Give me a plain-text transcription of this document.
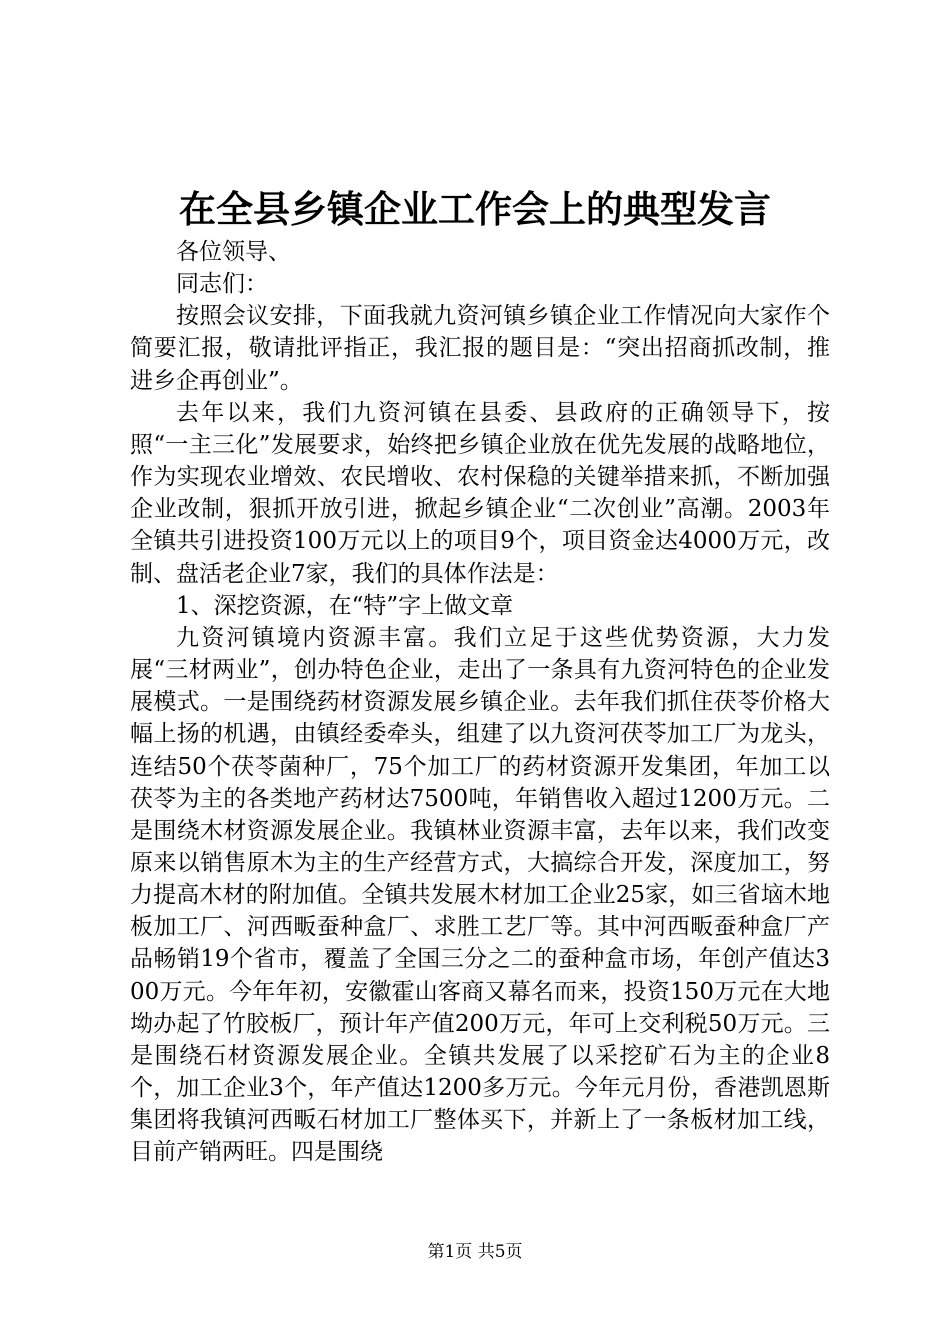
在全县乡镇企业工作会上的典型发言

各位领导、

同志们：

按照会议安排，下面我就九资河镇乡镇企业工作情况向大家作个简要汇报，敬请批评指正，我汇报的题目是：“突出招商抓改制，推进乡企再创业”。

去年以来，我们九资河镇在县委、县政府的正确领导下，按照“一主三化”发展要求，始终把乡镇企业放在优先发展的战略地位，作为实现农业增效、农民增收、农村保稳的关键举措来抓，不断加强企业改制，狠抓开放引进，掀起乡镇企业“二次创业”高潮。2003年全镇共引进投资100万元以上的项目9个，项目资金达4000万元，改制、盘活老企业7家，我们的具体作法是：

1、深挖资源，在“特”字上做文章

九资河镇境内资源丰富。我们立足于这些优势资源，大力发展“三材两业”，创办特色企业，走出了一条具有九资河特色的企业发展模式。一是围绕药材资源发展乡镇企业。去年我们抓住茯苓价格大幅上扬的机遇，由镇经委牵头，组建了以九资河茯苓加工厂为龙头，连结50个茯苓菌种厂，75个加工厂的药材资源开发集团，年加工以茯苓为主的各类地产药材达7500吨，年销售收入超过1200万元。二是围绕木材资源发展企业。我镇林业资源丰富，去年以来，我们改变原来以销售原木为主的生产经营方式，大搞综合开发，深度加工，努力提高木材的附加值。全镇共发展木材加工企业25家，如三省垴木地板加工厂、河西畈蚕种盒厂、求胜工艺厂等。其中河西畈蚕种盒厂产品畅销19个省市，覆盖了全国三分之二的蚕种盒市场，年创产值达300万元。今年年初，安徽霍山客商又幕名而来，投资150万元在大地坳办起了竹胶板厂，预计年产值200万元，年可上交利税50万元。三是围绕石材资源发展企业。全镇共发展了以采挖矿石为主的企业8个，加工企业3个，年产值达1200多万元。今年元月份，香港凯恩斯集团将我镇河西畈石材加工厂整体买下，并新上了一条板材加工线，目前产销两旺。四是围绕

第1页 共5页
